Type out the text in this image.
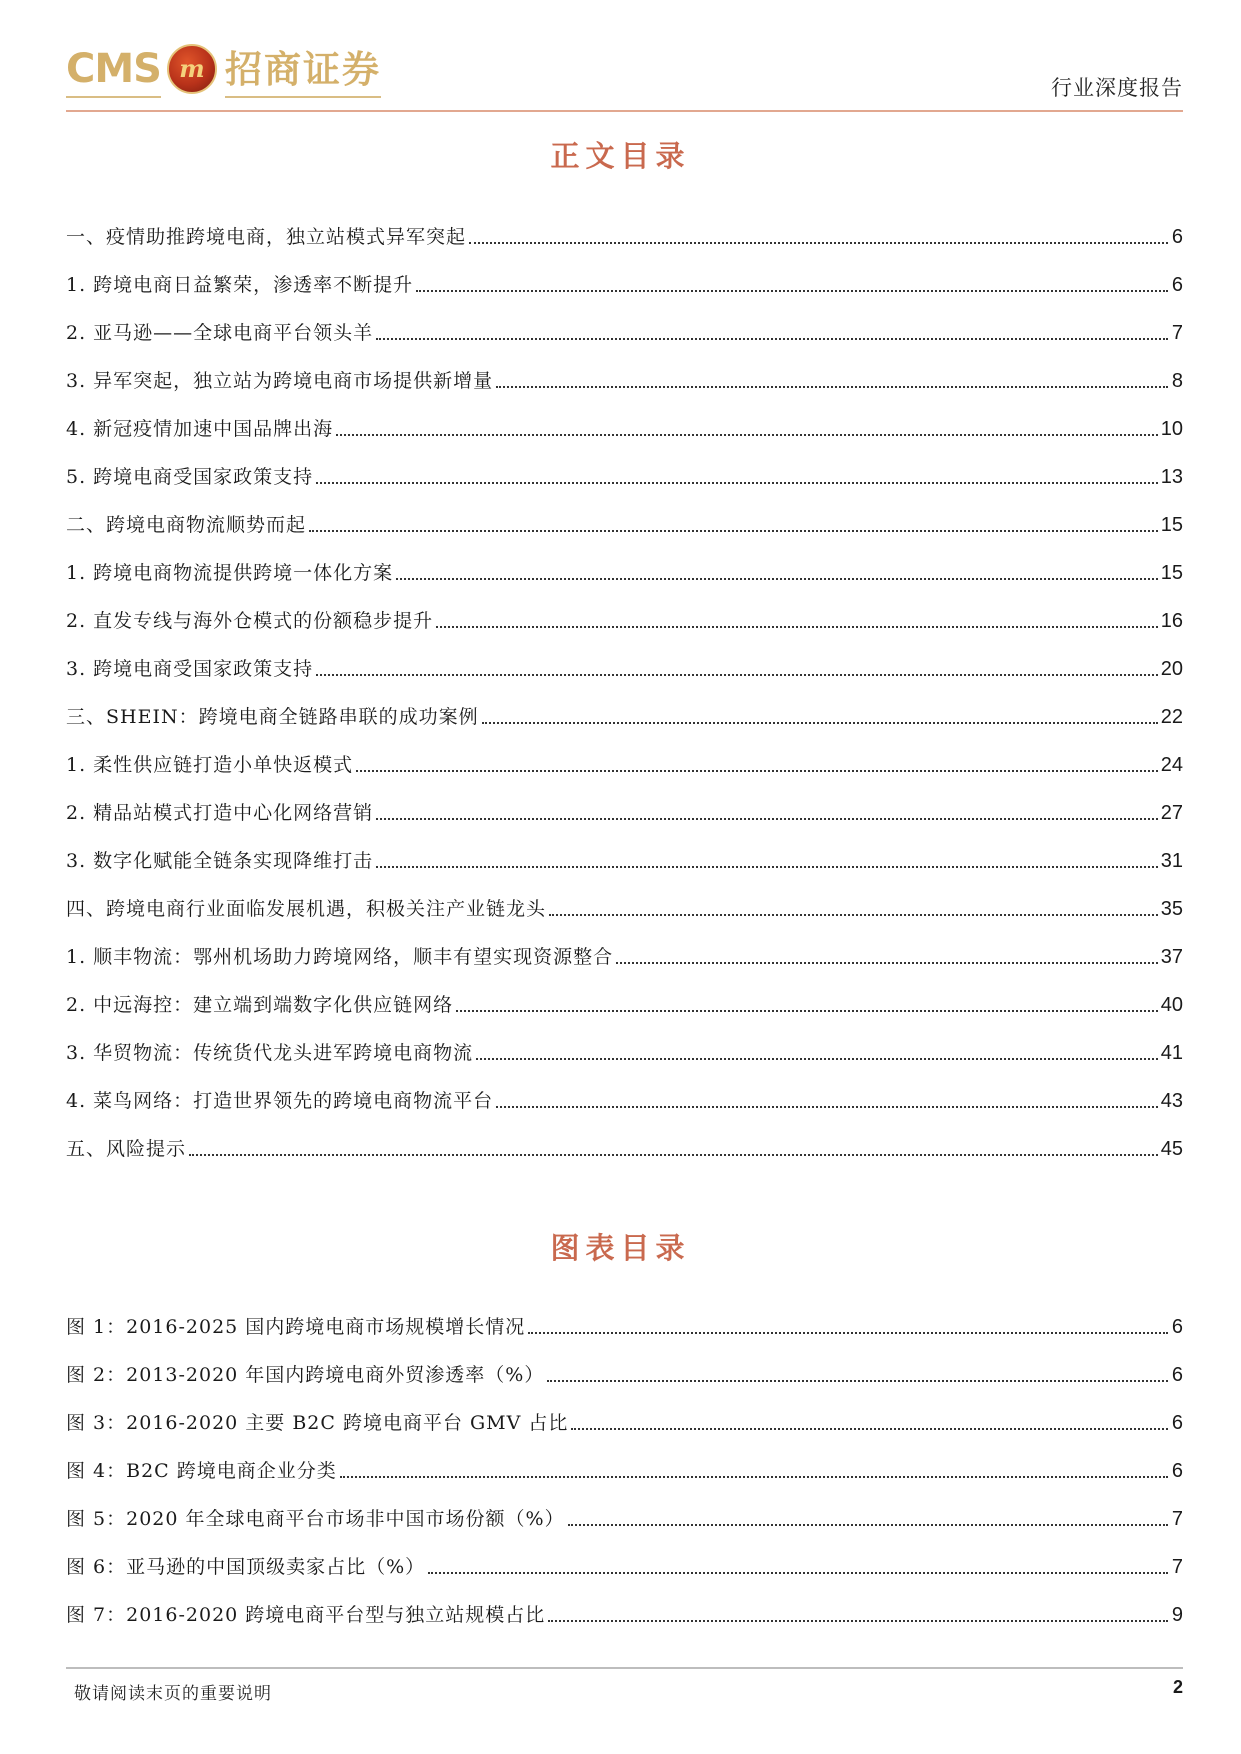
CMS m 招商证券	行业深度报告
正文目录
一、疫情助推跨境电商，独立站模式异军突起	6
1. 跨境电商日益繁荣，渗透率不断提升	6
2. 亚马逊——全球电商平台领头羊	7
3. 异军突起，独立站为跨境电商市场提供新增量	8
4. 新冠疫情加速中国品牌出海	10
5. 跨境电商受国家政策支持	13
二、跨境电商物流顺势而起	15
1. 跨境电商物流提供跨境一体化方案	15
2. 直发专线与海外仓模式的份额稳步提升	16
3. 跨境电商受国家政策支持	20
三、SHEIN：跨境电商全链路串联的成功案例	22
1. 柔性供应链打造小单快返模式	24
2. 精品站模式打造中心化网络营销	27
3. 数字化赋能全链条实现降维打击	31
四、跨境电商行业面临发展机遇，积极关注产业链龙头	35
1. 顺丰物流：鄂州机场助力跨境网络，顺丰有望实现资源整合	37
2. 中远海控：建立端到端数字化供应链网络	40
3. 华贸物流：传统货代龙头进军跨境电商物流	41
4. 菜鸟网络：打造世界领先的跨境电商物流平台	43
五、风险提示	45
图表目录
图 1：2016-2025 国内跨境电商市场规模增长情况	6
图 2：2013-2020 年国内跨境电商外贸渗透率（%）	6
图 3：2016-2020 主要 B2C 跨境电商平台 GMV 占比	6
图 4：B2C 跨境电商企业分类	6
图 5：2020 年全球电商平台市场非中国市场份额（%）	7
图 6：亚马逊的中国顶级卖家占比（%）	7
图 7：2016-2020 跨境电商平台型与独立站规模占比	9
敬请阅读末页的重要说明	2
